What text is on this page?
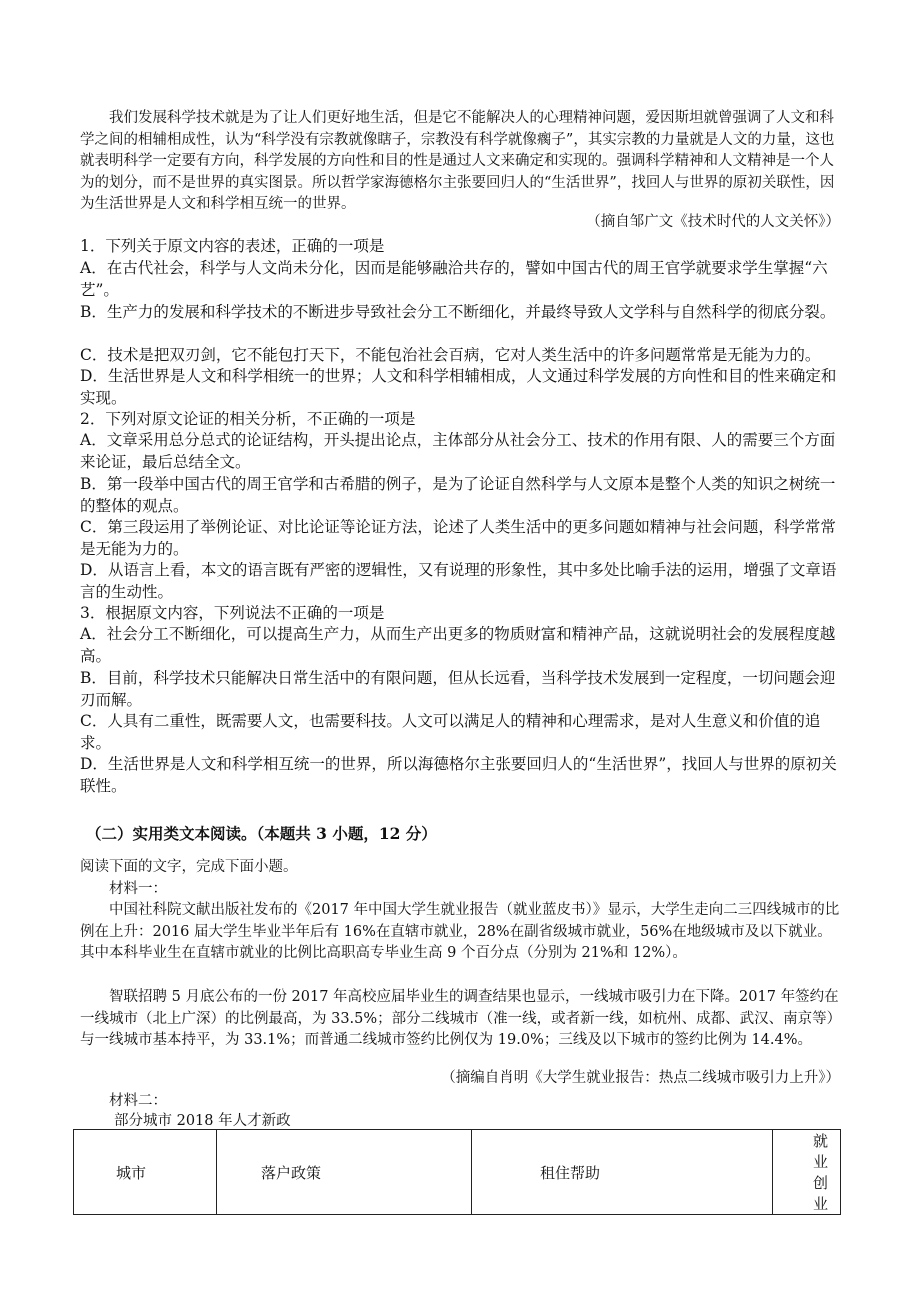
我们发展科学技术就是为了让人们更好地生活，但是它不能解决人的心理精神问题，爱因斯坦就曾强调了人文和科学之间的相辅相成性，认为“科学没有宗教就像瞎子，宗教没有科学就像瘸子”，其实宗教的力量就是人文的力量，这也就表明科学一定要有方向，科学发展的方向性和目的性是通过人文来确定和实现的。强调科学精神和人文精神是一个人为的划分，而不是世界的真实图景。所以哲学家海德格尔主张要回归人的“生活世界”，找回人与世界的原初关联性，因为生活世界是人文和科学相互统一的世界。
（摘自邹广文《技术时代的人文关怀》）
1．下列关于原文内容的表述，正确的一项是
A．在古代社会，科学与人文尚未分化，因而是能够融洽共存的，譬如中国古代的周王官学就要求学生掌握“六艺”。
B．生产力的发展和科学技术的不断进步导致社会分工不断细化，并最终导致人文学科与自然科学的彻底分裂。
C．技术是把双刃剑，它不能包打天下，不能包治社会百病，它对人类生活中的许多问题常常是无能为力的。
D．生活世界是人文和科学相统一的世界；人文和科学相辅相成，人文通过科学发展的方向性和目的性来确定和实现。
2．下列对原文论证的相关分析，不正确的一项是
A．文章采用总分总式的论证结构，开头提出论点，主体部分从社会分工、技术的作用有限、人的需要三个方面来论证，最后总结全文。
B．第一段举中国古代的周王官学和古希腊的例子，是为了论证自然科学与人文原本是整个人类的知识之树统一的整体的观点。
C．第三段运用了举例论证、对比论证等论证方法，论述了人类生活中的更多问题如精神与社会问题，科学常常是无能为力的。
D．从语言上看，本文的语言既有严密的逻辑性，又有说理的形象性，其中多处比喻手法的运用，增强了文章语言的生动性。
3．根据原文内容，下列说法不正确的一项是
A．社会分工不断细化，可以提高生产力，从而生产出更多的物质财富和精神产品，这就说明社会的发展程度越高。
B．目前，科学技术只能解决日常生活中的有限问题，但从长远看，当科学技术发展到一定程度，一切问题会迎刃而解。
C．人具有二重性，既需要人文，也需要科技。人文可以满足人的精神和心理需求，是对人生意义和价值的追求。
D．生活世界是人文和科学相互统一的世界，所以海德格尔主张要回归人的“生活世界”，找回人与世界的原初关联性。
（二）实用类文本阅读。（本题共 3 小题，12 分）
阅读下面的文字，完成下面小题。
材料一：
中国社科院文献出版社发布的《2017 年中国大学生就业报告（就业蓝皮书）》显示，大学生走向二三四线城市的比例在上升：2016 届大学生毕业半年后有 16%在直辖市就业，28%在副省级城市就业，56%在地级城市及以下就业。其中本科毕业生在直辖市就业的比例比高职高专毕业生高 9 个百分点（分别为 21%和 12%）。
智联招聘 5 月底公布的一份 2017 年高校应届毕业生的调查结果也显示，一线城市吸引力在下降。2017 年签约在一线城市（北上广深）的比例最高，为 33.5%；部分二线城市（准一线，或者新一线，如杭州、成都、武汉、南京等）与一线城市基本持平，为 33.1%；而普通二线城市签约比例仅为 19.0%；三线及以下城市的签约比例为 14.4%。
（摘编自肖明《大学生就业报告：热点二线城市吸引力上升》）
材料二：
部分城市 2018 年人才新政
城市	落户政策	租住帮助	就业创业
